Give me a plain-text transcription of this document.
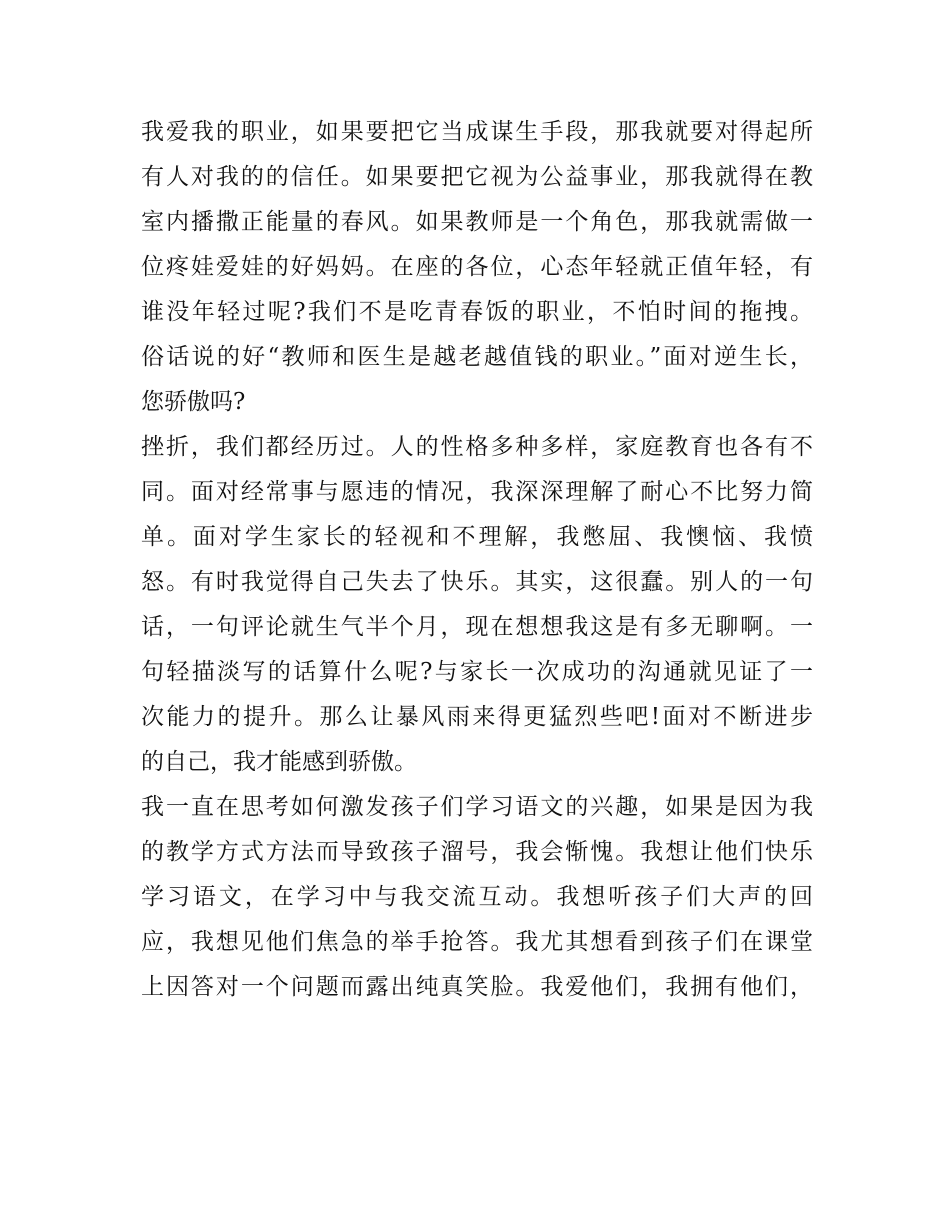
我爱我的职业，如果要把它当成谋生手段，那我就要对得起所
有人对我的的信任。如果要把它视为公益事业，那我就得在教
室内播撒正能量的春风。如果教师是一个角色，那我就需做一
位疼娃爱娃的好妈妈。在座的各位，心态年轻就正值年轻，有
谁没年轻过呢?我们不是吃青春饭的职业，不怕时间的拖拽。
俗话说的好“教师和医生是越老越值钱的职业。”面对逆生长，
您骄傲吗?
挫折，我们都经历过。人的性格多种多样，家庭教育也各有不
同。面对经常事与愿违的情况，我深深理解了耐心不比努力简
单。面对学生家长的轻视和不理解，我憋屈、我懊恼、我愤
怒。有时我觉得自己失去了快乐。其实，这很蠢。别人的一句
话，一句评论就生气半个月，现在想想我这是有多无聊啊。一
句轻描淡写的话算什么呢?与家长一次成功的沟通就见证了一
次能力的提升。那么让暴风雨来得更猛烈些吧!面对不断进步
的自己，我才能感到骄傲。
我一直在思考如何激发孩子们学习语文的兴趣，如果是因为我
的教学方式方法而导致孩子溜号，我会惭愧。我想让他们快乐
学习语文，在学习中与我交流互动。我想听孩子们大声的回
应，我想见他们焦急的举手抢答。我尤其想看到孩子们在课堂
上因答对一个问题而露出纯真笑脸。我爱他们，我拥有他们，
